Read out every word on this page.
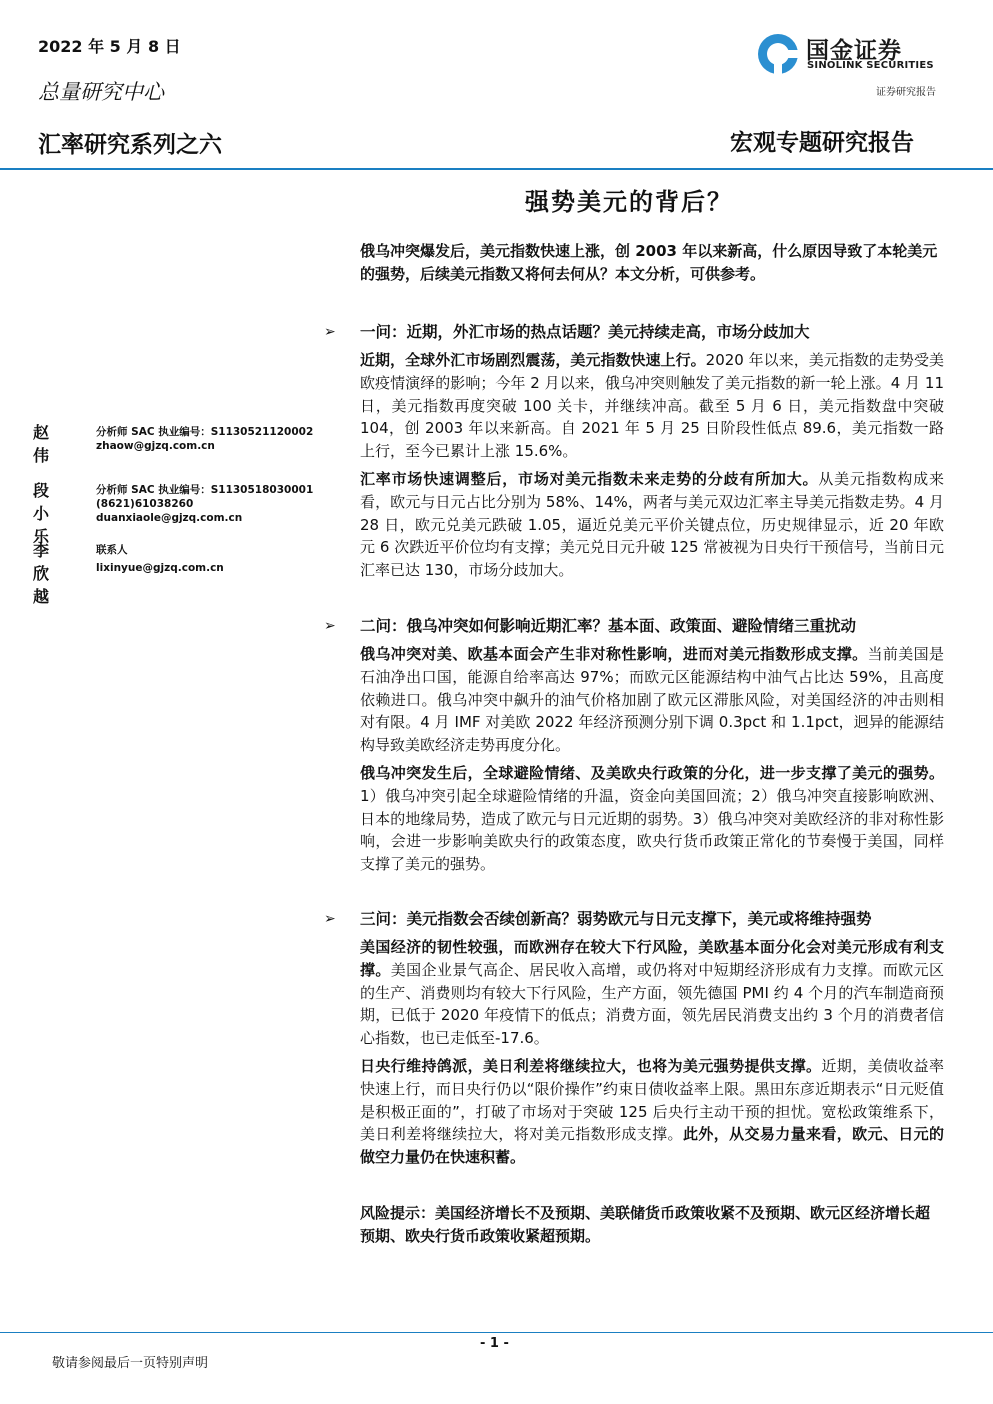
2022 年 5 月 8 日
总量研究中心
汇率研究系列之六
国金证券
SINOLINK SECURITIES
证券研究报告
宏观专题研究报告
强势美元的背后？
俄乌冲突爆发后，美元指数快速上涨，创 2003 年以来新高，什么原因导致了本轮美元的强势，后续美元指数又将何去何从？本文分析，可供参考。
➢ 一问：近期，外汇市场的热点话题？美元持续走高，市场分歧加大
近期，全球外汇市场剧烈震荡，美元指数快速上行。2020 年以来，美元指数的走势受美欧疫情演绎的影响；今年 2 月以来，俄乌冲突则触发了美元指数的新一轮上涨。4 月 11 日，美元指数再度突破 100 关卡，并继续冲高。截至 5 月 6 日，美元指数盘中突破 104，创 2003 年以来新高。自 2021 年 5 月 25 日阶段性低点 89.6，美元指数一路上行，至今已累计上涨 15.6%。
汇率市场快速调整后，市场对美元指数未来走势的分歧有所加大。从美元指数构成来看，欧元与日元占比分别为 58%、14%，两者与美元双边汇率主导美元指数走势。4 月 28 日，欧元兑美元跌破 1.05，逼近兑美元平价关键点位，历史规律显示，近 20 年欧元 6 次跌近平价位均有支撑；美元兑日元升破 125 常被视为日央行干预信号，当前日元汇率已达 130，市场分歧加大。
➢ 二问：俄乌冲突如何影响近期汇率？基本面、政策面、避险情绪三重扰动
俄乌冲突对美、欧基本面会产生非对称性影响，进而对美元指数形成支撑。当前美国是石油净出口国，能源自给率高达 97%；而欧元区能源结构中油气占比达 59%，且高度依赖进口。俄乌冲突中飙升的油气价格加剧了欧元区滞胀风险，对美国经济的冲击则相对有限。4 月 IMF 对美欧 2022 年经济预测分别下调 0.3pct 和 1.1pct，迥异的能源结构导致美欧经济走势再度分化。
俄乌冲突发生后，全球避险情绪、及美欧央行政策的分化，进一步支撑了美元的强势。1）俄乌冲突引起全球避险情绪的升温，资金向美国回流；2）俄乌冲突直接影响欧洲、日本的地缘局势，造成了欧元与日元近期的弱势。3）俄乌冲突对美欧经济的非对称性影响，会进一步影响美欧央行的政策态度，欧央行货币政策正常化的节奏慢于美国，同样支撑了美元的强势。
➢ 三问：美元指数会否续创新高？弱势欧元与日元支撑下，美元或将维持强势
美国经济的韧性较强，而欧洲存在较大下行风险，美欧基本面分化会对美元形成有利支撑。美国企业景气高企、居民收入高增，或仍将对中短期经济形成有力支撑。而欧元区的生产、消费则均有较大下行风险，生产方面，领先德国 PMI 约 4 个月的汽车制造商预期，已低于 2020 年疫情下的低点；消费方面，领先居民消费支出约 3 个月的消费者信心指数，也已走低至-17.6。
日央行维持鸽派，美日利差将继续拉大，也将为美元强势提供支撑。近期，美债收益率快速上行，而日央行仍以“限价操作”约束日债收益率上限。黑田东彦近期表示“日元贬值是积极正面的”，打破了市场对于突破 125 后央行主动干预的担忧。宽松政策维系下，美日利差将继续拉大，将对美元指数形成支撑。此外，从交易力量来看，欧元、日元的做空力量仍在快速积蓄。
赵伟
分析师 SAC 执业编号：S1130521120002
zhaow@gjzq.com.cn
段小乐
分析师 SAC 执业编号：S1130518030001
(8621)61038260
duanxiaole@gjzq.com.cn
李欣越
联系人
lixinyue@gjzq.com.cn
风险提示：美国经济增长不及预期、美联储货币政策收紧不及预期、欧元区经济增长超预期、欧央行货币政策收紧超预期。
- 1 -
敬请参阅最后一页特别声明
